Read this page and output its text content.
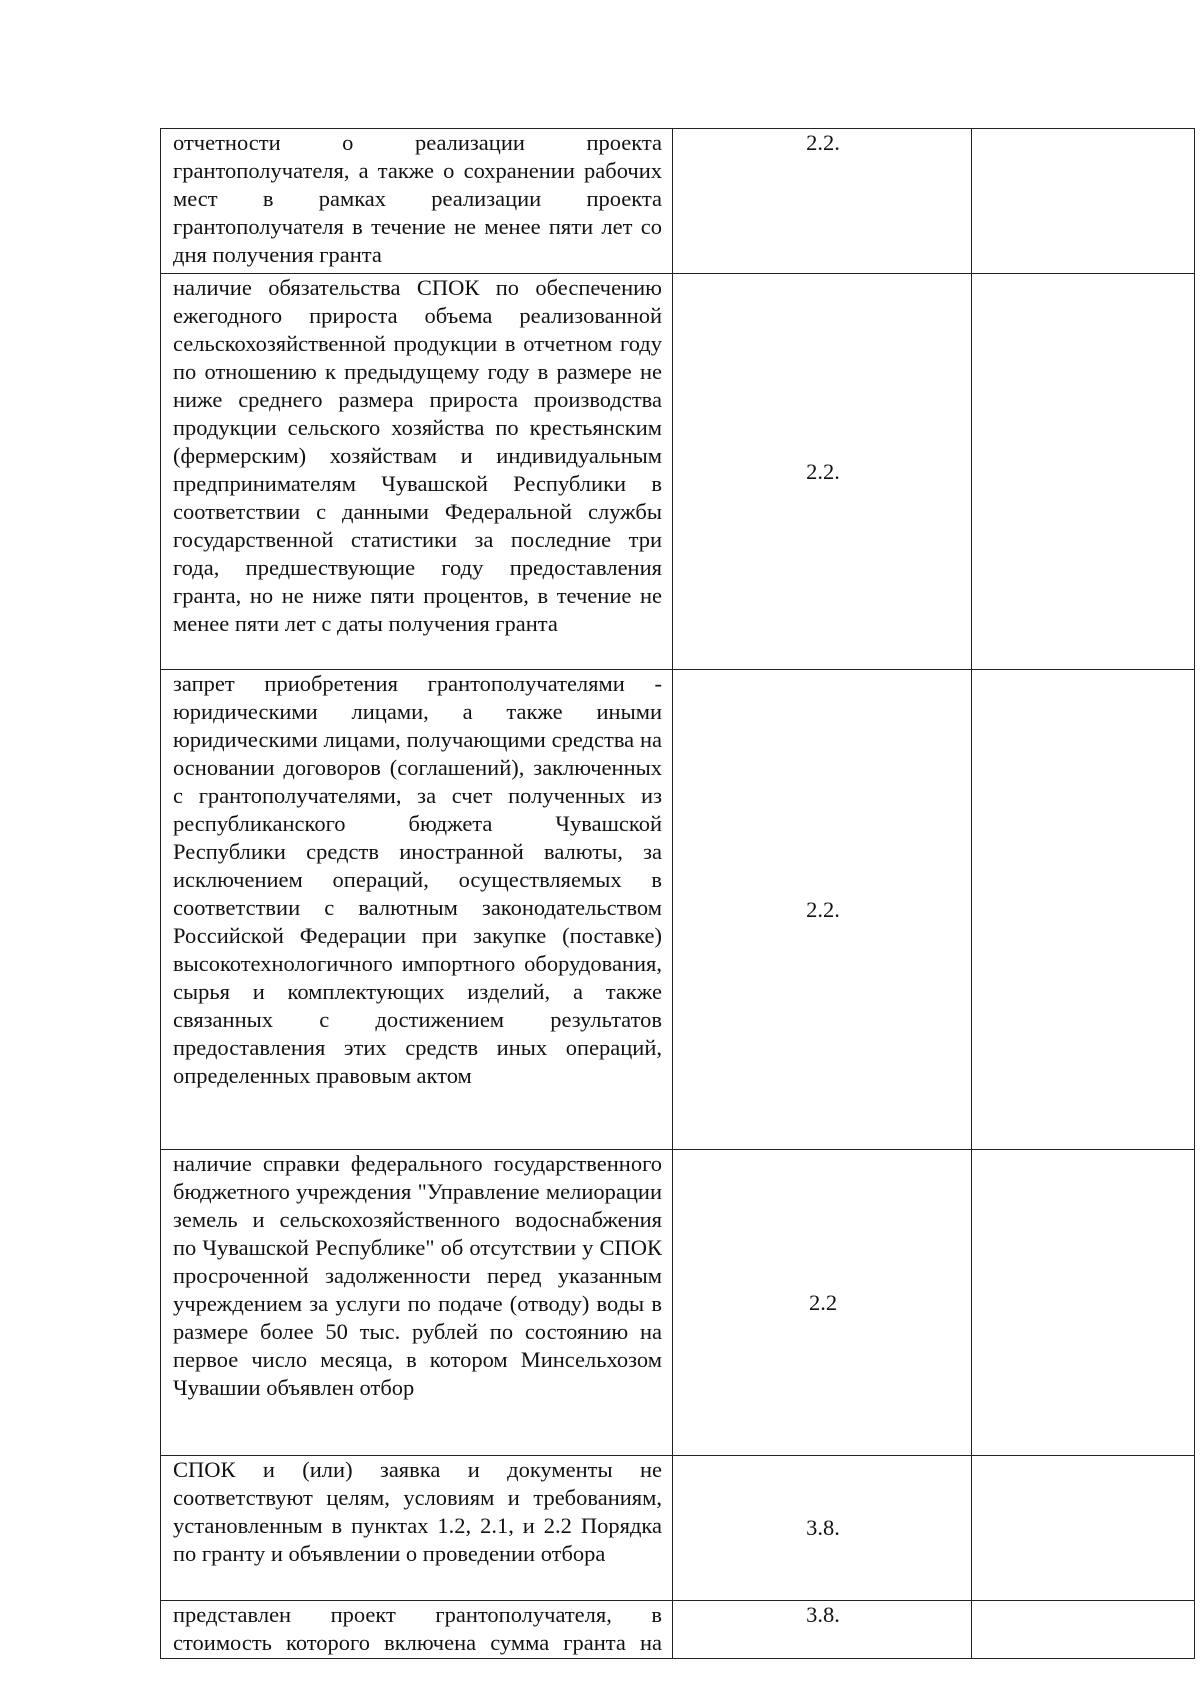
отчетности о реализации проекта грантополучателя, а также о сохранении рабочих мест в рамках реализации проекта грантополучателя в течение не менее пяти лет со дня получения гранта	2.2.	

наличие обязательства СПОК по обеспечению ежегодного прироста объема реализованной сельскохозяйственной продукции в отчетном году по отношению к предыдущему году в размере не ниже среднего размера прироста производства продукции сельского хозяйства по крестьянским (фермерским) хозяйствам и индивидуальным предпринимателям Чувашской Республики в соответствии с данными Федеральной службы государственной статистики за последние три года, предшествующие году предоставления гранта, но не ниже пяти процентов, в течение не менее пяти лет с даты получения гранта	2.2.	

запрет приобретения грантополучателями - юридическими лицами, а также иными юридическими лицами, получающими средства на основании договоров (соглашений), заключенных с грантополучателями, за счет полученных из республиканского бюджета Чувашской Республики средств иностранной валюты, за исключением операций, осуществляемых в соответствии с валютным законодательством Российской Федерации при закупке (поставке) высокотехнологичного импортного оборудования, сырья и комплектующих изделий, а также связанных с достижением результатов предоставления этих средств иных операций, определенных правовым актом	2.2.	

наличие справки федерального государственного бюджетного учреждения "Управление мелиорации земель и сельскохозяйственного водоснабжения по Чувашской Республике" об отсутствии у СПОК просроченной задолженности перед указанным учреждением за услуги по подаче (отводу) воды в размере более 50 тыс. рублей по состоянию на первое число месяца, в котором Минсельхозом Чувашии объявлен отбор	2.2	

СПОК и (или) заявка и документы не соответствуют целям, условиям и требованиям, установленным в пунктах 1.2, 2.1, и 2.2 Порядка по гранту и объявлении о проведении отбора	3.8.	

представлен проект грантополучателя, в стоимость которого включена сумма гранта на	3.8.	
